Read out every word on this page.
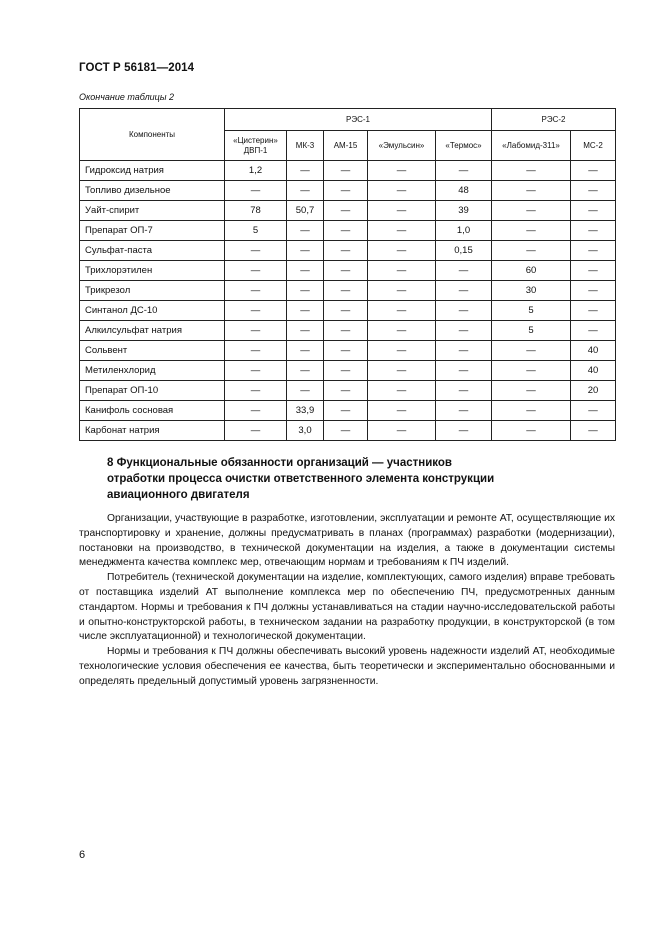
ГОСТ Р 56181—2014
Окончание таблицы 2
Компоненты	РЭС-1					РЭС-2	
	«Цистерин» ДВП-1	МК-3	АМ-15	«Эмульсин»	«Термос»	«Лабомид-311»	МС-2
Гидроксид натрия	1,2	—	—	—	—	—	—
Топливо дизельное	—	—	—	—	48	—	—
Уайт-спирит	78	50,7	—	—	39	—	—
Препарат ОП-7	5	—	—	—	1,0	—	—
Сульфат-паста	—	—	—	—	0,15	—	—
Трихлорэтилен	—	—	—	—	—	60	—
Трикрезол	—	—	—	—	—	30	—
Синтанол ДС-10	—	—	—	—	—	5	—
Алкилсульфат натрия	—	—	—	—	—	5	—
Сольвент	—	—	—	—	—	—	40
Метиленхлорид	—	—	—	—	—	—	40
Препарат ОП-10	—	—	—	—	—	—	20
Канифоль сосновая	—	33,9	—	—	—	—	—
Карбонат натрия	—	3,0	—	—	—	—	—
8 Функциональные обязанности организаций — участников
отработки процесса очистки ответственного элемента конструкции
авиационного двигателя

Организации, участвующие в разработке, изготовлении, эксплуатации и ремонте АТ, осуществляющие их транспортировку и хранение, должны предусматривать в планах (программах) разработки (модернизации), постановки на производство, в технической документации на изделия, а также в документации системы менеджмента качества комплекс мер, отвечающим нормам и требованиям к ПЧ изделий.

Потребитель (технической документации на изделие, комплектующих, самого изделия) вправе требовать от поставщика изделий АТ выполнение комплекса мер по обеспечению ПЧ, предусмотренных данным стандартом. Нормы и требования к ПЧ должны устанавливаться на стадии научно-исследовательской работы и опытно-конструкторской работы, в техническом задании на разработку продукции, в конструкторской (в том числе эксплуатационной) и технологической документации.

Нормы и требования к ПЧ должны обеспечивать высокий уровень надежности изделий АТ, необходимые технологические условия обеспечения ее качества, быть теоретически и экспериментально обоснованными и определять предельный допустимый уровень загрязненности.

6
